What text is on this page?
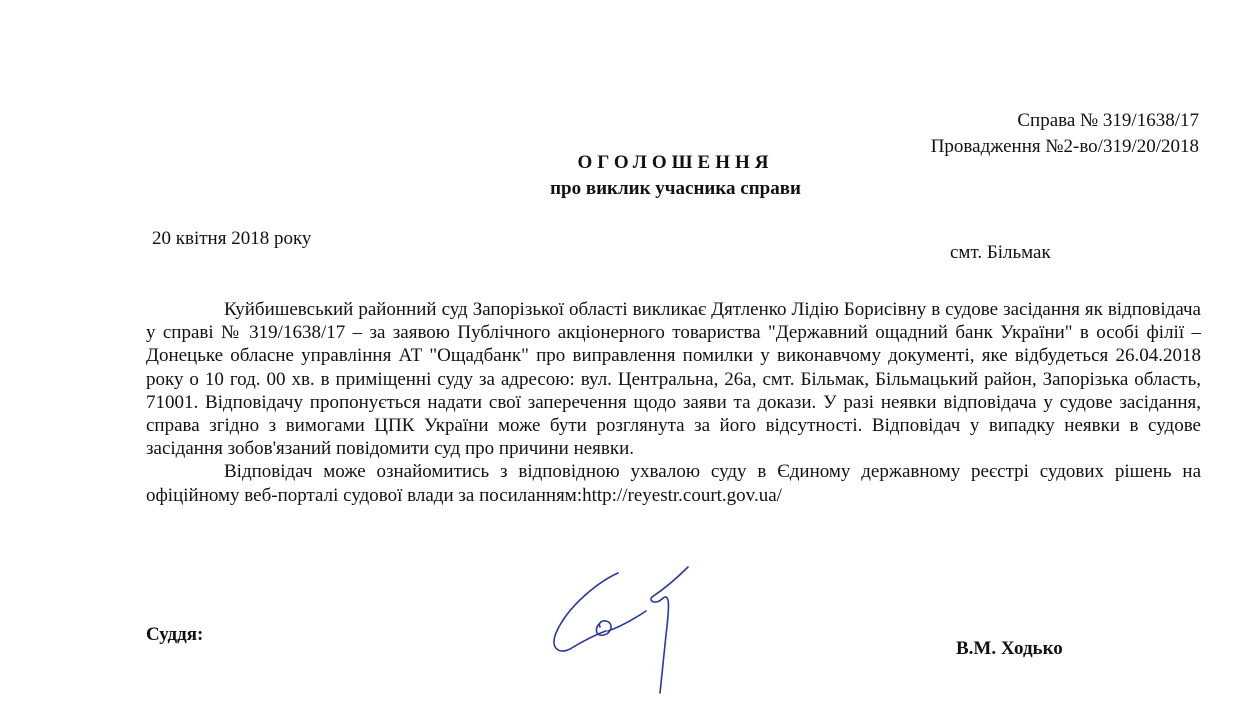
Справа № 319/1638/17
Провадження №2-во/319/20/2018
ОГОЛОШЕННЯ
про виклик учасника справи
20 квітня 2018 року
смт. Більмак

Куйбишевський районний суд Запорізької області викликає Дятленко Лідію Борисівну в судове засідання як відповідача у справі № 319/1638/17 – за заявою Публічного акціонерного товариства "Державний ощадний банк України" в особі філії – Донецьке обласне управління АТ "Ощадбанк" про виправлення помилки у виконавчому документі, яке відбудеться 26.04.2018 року о 10 год. 00 хв. в приміщенні суду за адресою: вул. Центральна, 26а, смт. Більмак, Більмацький район, Запорізька область, 71001. Відповідачу пропонується надати свої заперечення щодо заяви та докази. У разі неявки відповідача у судове засідання, справа згідно з вимогами ЦПК України може бути розглянута за його відсутності. Відповідач у випадку неявки в судове засідання зобов'язаний повідомити суд про причини неявки.

Відповідач може ознайомитись з відповідною ухвалою суду в Єдиному державному реєстрі судових рішень на офіційному веб-порталі судової влади за посиланням:http://reyestr.court.gov.ua/

Суддя:
В.М. Ходько
